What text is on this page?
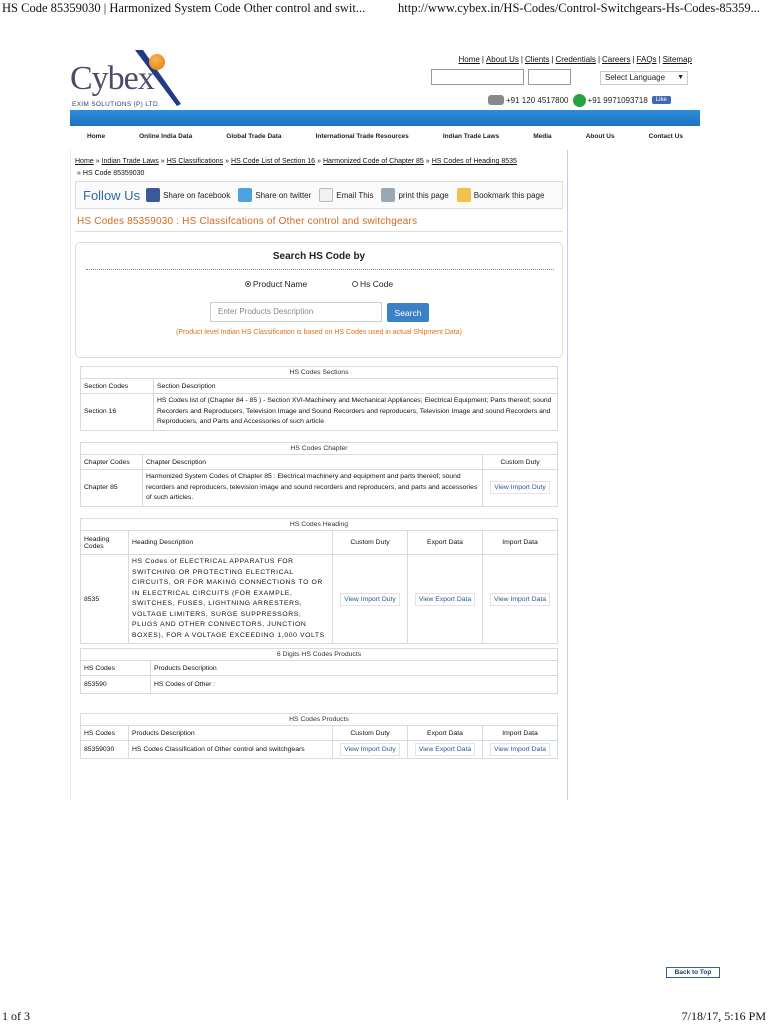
HS Code 85359030 | Harmonized System Code Other control and swit...	http://www.cybex.in/HS-Codes/Control-Switchgears-Hs-Codes-85359...
Cybex
EXIM SOLUTIONS (P) LTD.
Home | About Us | Clients | Credentials | Careers | FAQs | Sitemap
Select Language ▼
+91 120 4517800 +91 9971093718	Like
Home	Online India Data	Global Trade Data	International Trade Resources	Indian Trade Laws	Media	About Us	Contact Us
Home » Indian Trade Laws » HS Classifications » HS Code List of Section 16 » Harmonized Code of Chapter 85 » HS Codes of Heading 8535
» HS Code 85359030
Follow Us	Share on facebook	Share on twitter	Email This	print this page	Bookmark this page
HS Codes 85359030 : HS Classifcations of Other control and switchgears
Search HS Code by
Product Name	Hs Code
Enter Products Description	Search
(Product level Indian HS Classification is based on HS Codes used in actual Shipment Data)
HS Codes Sections	
Section Codes	Section Description
Section 16	HS Codes list of (Chapter 84 - 85 ) - Section XVI-Machinery and Mechanical Appliances; Electrical Equipment; Parts thereof; sound Recorders and Reproducers, Television Image and Sound Recorders and reproducers, Television Image and sound Recorders and Reproducers, and Parts and Accessories of such article
HS Codes Chapter		
Chapter Codes	Chapter Description	Custom Duty
Chapter 85	Harmonized System Codes of Chapter 85 : Electrical machinery and equipment and parts thereof; sound recorders and reproducers, television image and sound recorders and reproducers, and parts and accessories of such articles.	View Import Duty
HS Codes Heading				
Heading Codes	Heading Description	Custom Duty	Export Data	Import Data
8535	HS Codes of ELECTRICAL APPARATUS FOR SWITCHING OR PROTECTING ELECTRICAL CIRCUITS, OR FOR MAKING CONNECTIONS TO OR IN ELECTRICAL CIRCUITS (FOR EXAMPLE, SWITCHES, FUSES, LIGHTNING ARRESTERS, VOLTAGE LIMITERS, SURGE SUPPRESSORS, PLUGS AND OTHER CONNECTORS, JUNCTION BOXES), FOR A VOLTAGE EXCEEDING 1,000 VOLTS	View Import Duty	View Export Data	View Import Data
6 Digits HS Codes Products	
HS Codes	Products Description
853590	HS Codes of Other :
HS Codes Products				
HS Codes	Products Description	Custom Duty	Export Data	Import Data
85359030	HS Codes Classification of Other control and switchgears	View Import Duty	View Export Data	View Import Data
Back to Top
1 of 3	7/18/17, 5:16 PM
